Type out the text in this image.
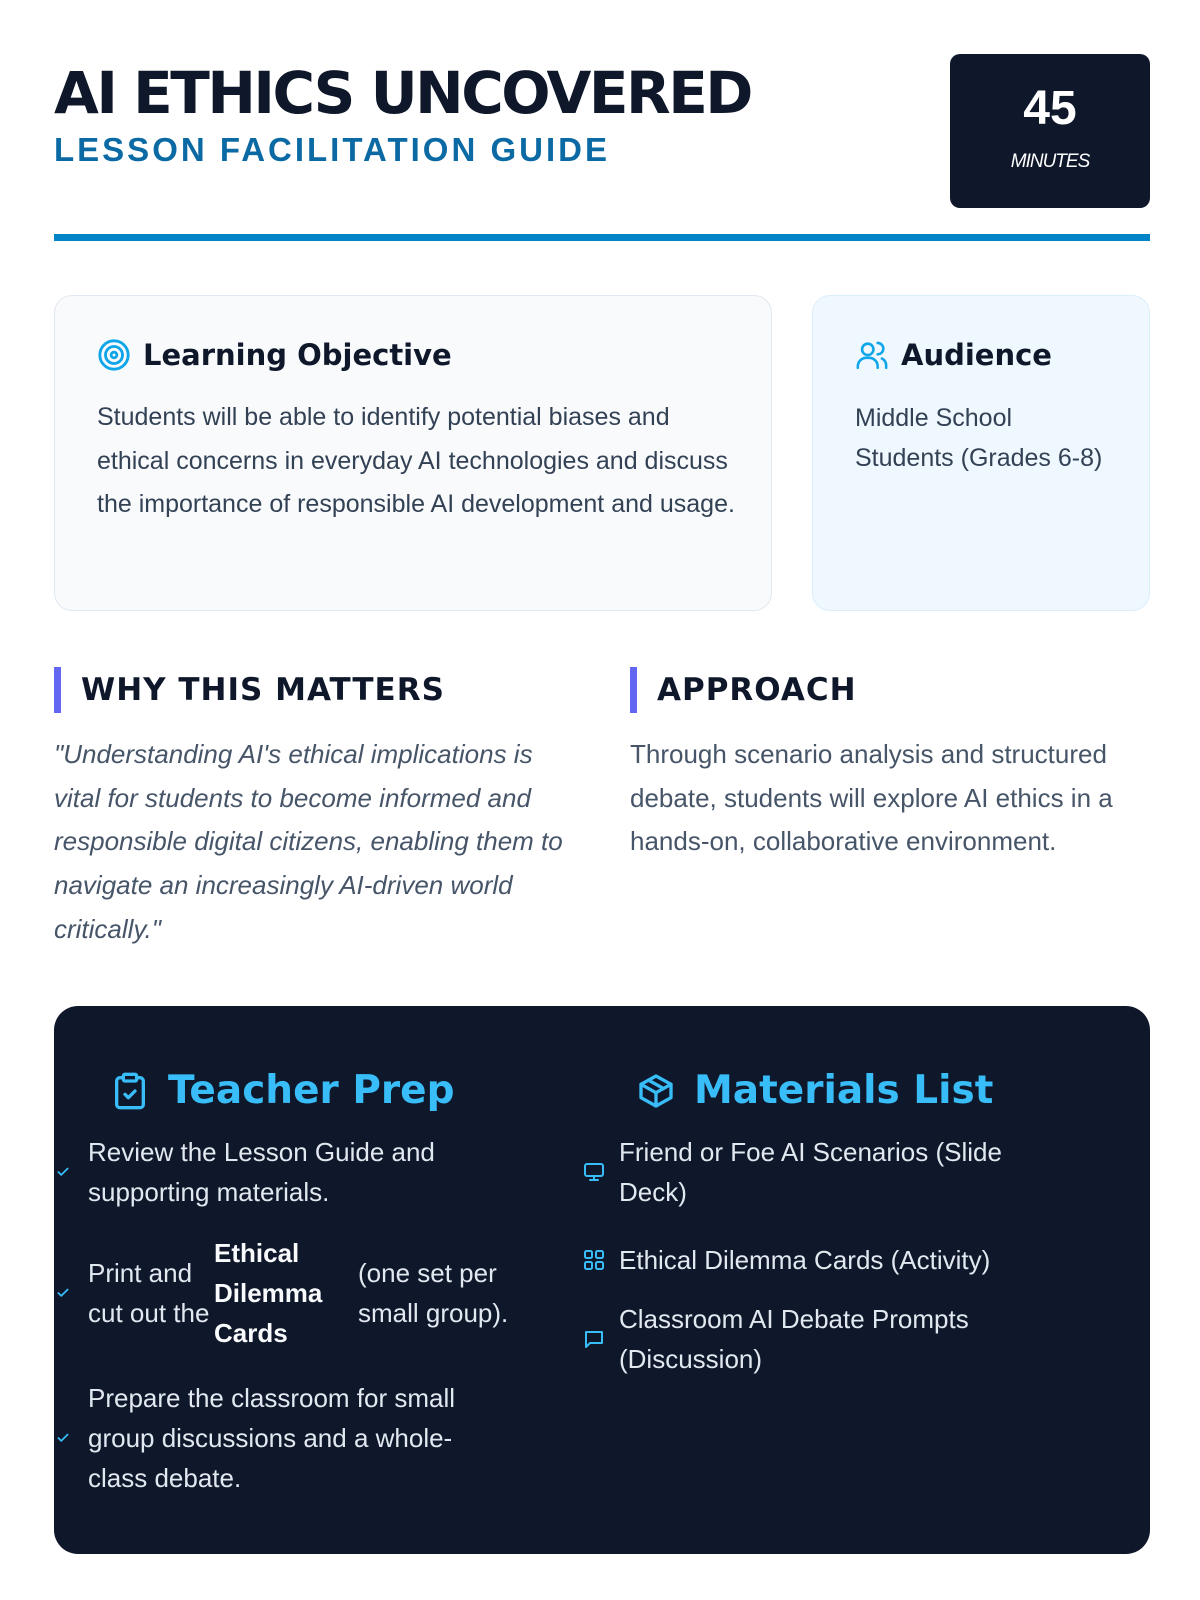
AI ETHICS UNCOVERED
LESSON FACILITATION GUIDE
45
MINUTES
Learning Objective
Students will be able to identify potential biases and ethical concerns in everyday AI technologies and discuss the importance of responsible AI development and usage.
Audience
Middle School Students (Grades 6-8)
WHY THIS MATTERS	APPROACH
"Understanding AI's ethical implications is vital for students to become informed and responsible digital citizens, enabling them to navigate an increasingly AI-driven world critically."
Through scenario analysis and structured debate, students will explore AI ethics in a hands-on, collaborative environment.
Teacher Prep	Materials List
Review the Lesson Guide and supporting materials.
Print and cut out the
Ethical Dilemma Cards
(one set per small group).
Prepare the classroom for small group discussions and a whole-class debate.
Friend or Foe AI Scenarios (Slide Deck)
Ethical Dilemma Cards (Activity)
Classroom AI Debate Prompts (Discussion)
